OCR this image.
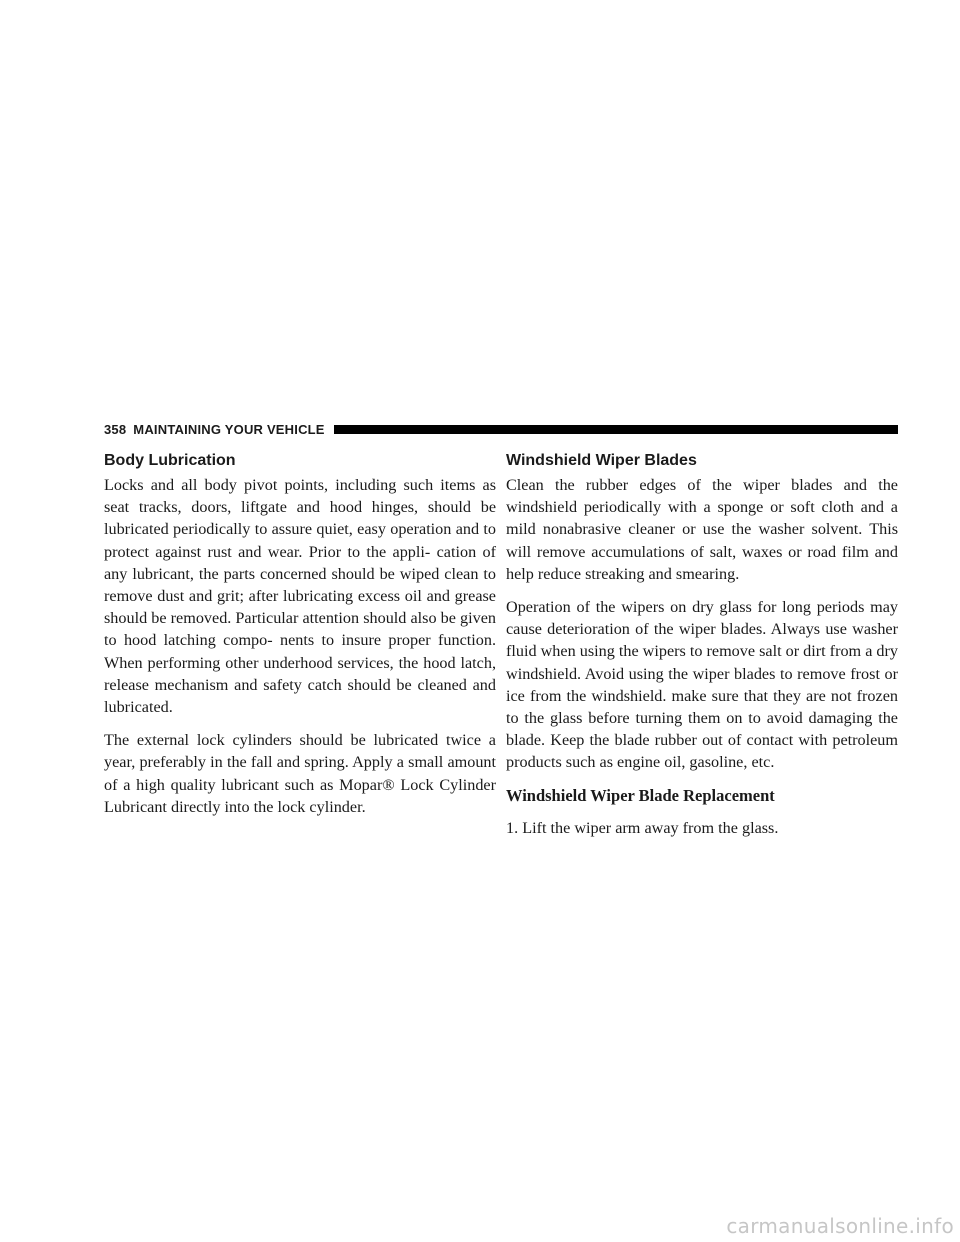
358 MAINTAINING YOUR VEHICLE
Body Lubrication

Locks and all body pivot points, including such items as seat tracks, doors, liftgate and hood hinges, should be lubricated periodically to assure quiet, easy operation and to protect against rust and wear. Prior to the appli- cation of any lubricant, the parts concerned should be wiped clean to remove dust and grit; after lubricating excess oil and grease should be removed. Particular attention should also be given to hood latching compo- nents to insure proper function. When performing other underhood services, the hood latch, release mechanism and safety catch should be cleaned and lubricated.

The external lock cylinders should be lubricated twice a year, preferably in the fall and spring. Apply a small amount of a high quality lubricant such as Mopar® Lock Cylinder Lubricant directly into the lock cylinder.

Windshield Wiper Blades

Clean the rubber edges of the wiper blades and the windshield periodically with a sponge or soft cloth and a mild nonabrasive cleaner or use the washer solvent. This will remove accumulations of salt, waxes or road film and help reduce streaking and smearing.

Operation of the wipers on dry glass for long periods may cause deterioration of the wiper blades. Always use washer fluid when using the wipers to remove salt or dirt from a dry windshield. Avoid using the wiper blades to remove frost or ice from the windshield. make sure that they are not frozen to the glass before turning them on to avoid damaging the blade. Keep the blade rubber out of contact with petroleum products such as engine oil, gasoline, etc.

Windshield Wiper Blade Replacement

1. Lift the wiper arm away from the glass.

carmanualsonline.info
